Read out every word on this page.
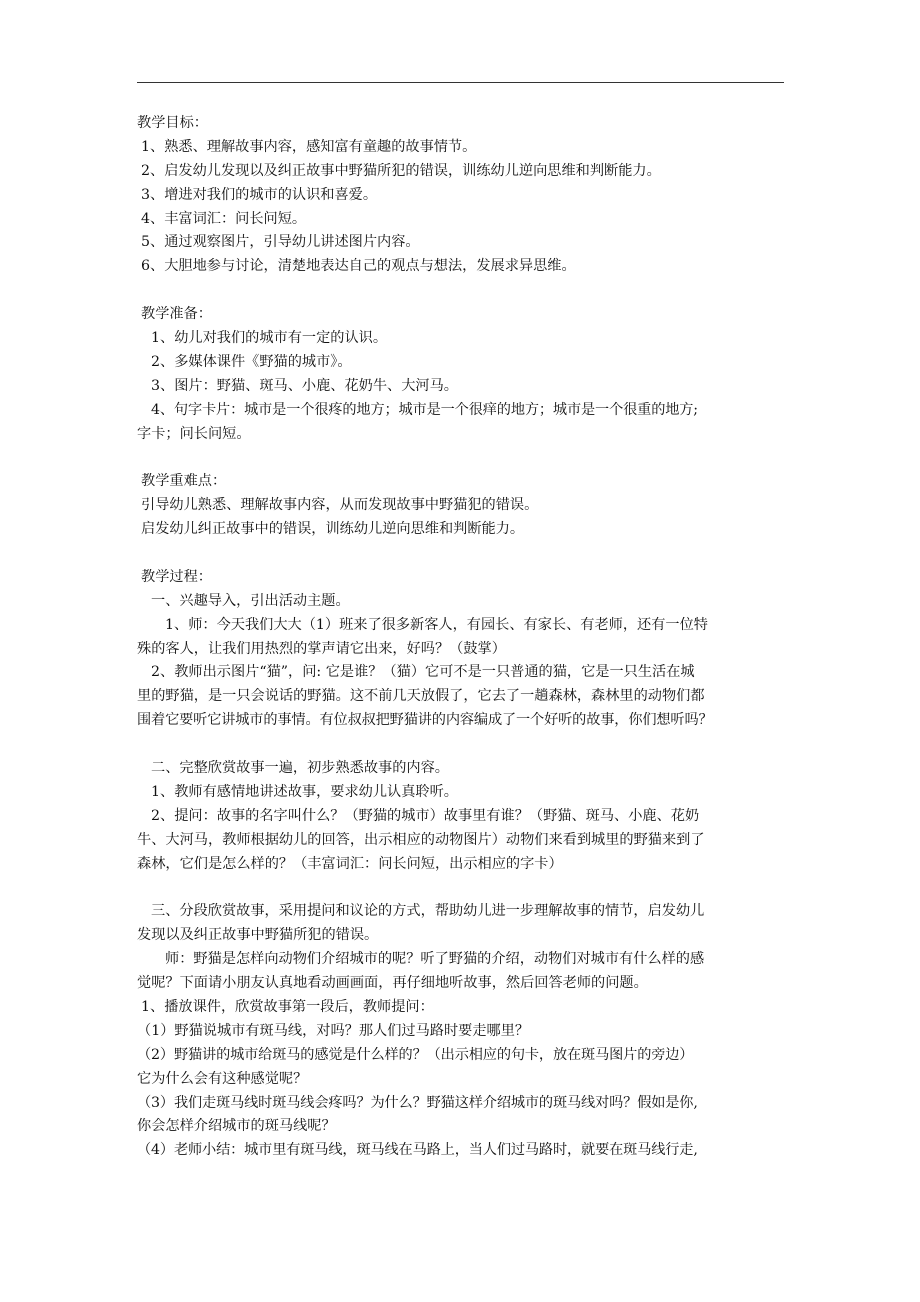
教学目标：
1、熟悉、理解故事内容，感知富有童趣的故事情节。
2、启发幼儿发现以及纠正故事中野猫所犯的错误，训练幼儿逆向思维和判断能力。
3、增进对我们的城市的认识和喜爱。
4、丰富词汇：问长问短。
5、通过观察图片，引导幼儿讲述图片内容。
6、大胆地参与讨论，清楚地表达自己的观点与想法，发展求异思维。
教学准备：
1、幼儿对我们的城市有一定的认识。
2、多媒体课件《野猫的城市》。
3、图片：野猫、斑马、小鹿、花奶牛、大河马。
4、句字卡片：城市是一个很疼的地方；城市是一个很痒的地方；城市是一个很重的地方;
字卡；问长问短。
教学重难点：
引导幼儿熟悉、理解故事内容，从而发现故事中野猫犯的错误。
启发幼儿纠正故事中的错误，训练幼儿逆向思维和判断能力。
教学过程：
一、兴趣导入，引出活动主题。
1、师：今天我们大大（1）班来了很多新客人，有园长、有家长、有老师，还有一位特
殊的客人，让我们用热烈的掌声请它出来，好吗？（鼓掌）
2、教师出示图片“猫”，问: 它是谁？（猫）它可不是一只普通的猫，它是一只生活在城
里的野猫，是一只会说话的野猫。这不前几天放假了，它去了一趟森林，森林里的动物们都
围着它要听它讲城市的事情。有位叔叔把野猫讲的内容编成了一个好听的故事，你们想听吗？
二、完整欣赏故事一遍，初步熟悉故事的内容。
1、教师有感情地讲述故事，要求幼儿认真聆听。
2、提问：故事的名字叫什么？（野猫的城市）故事里有谁？（野猫、斑马、小鹿、花奶
牛、大河马，教师根据幼儿的回答，出示相应的动物图片）动物们来看到城里的野猫来到了
森林，它们是怎么样的？（丰富词汇：问长问短，出示相应的字卡）
三、分段欣赏故事，采用提问和议论的方式，帮助幼儿进一步理解故事的情节，启发幼儿
发现以及纠正故事中野猫所犯的错误。
师：野猫是怎样向动物们介绍城市的呢？听了野猫的介绍，动物们对城市有什么样的感
觉呢？下面请小朋友认真地看动画画面，再仔细地听故事，然后回答老师的问题。
1、播放课件，欣赏故事第一段后，教师提问：
（1）野猫说城市有斑马线，对吗？那人们过马路时要走哪里？
（2）野猫讲的城市给斑马的感觉是什么样的？（出示相应的句卡，放在斑马图片的旁边）
它为什么会有这种感觉呢？
（3）我们走斑马线时斑马线会疼吗？为什么？野猫这样介绍城市的斑马线对吗？假如是你,
你会怎样介绍城市的斑马线呢？
（4）老师小结：城市里有斑马线，斑马线在马路上，当人们过马路时，就要在斑马线行走,
